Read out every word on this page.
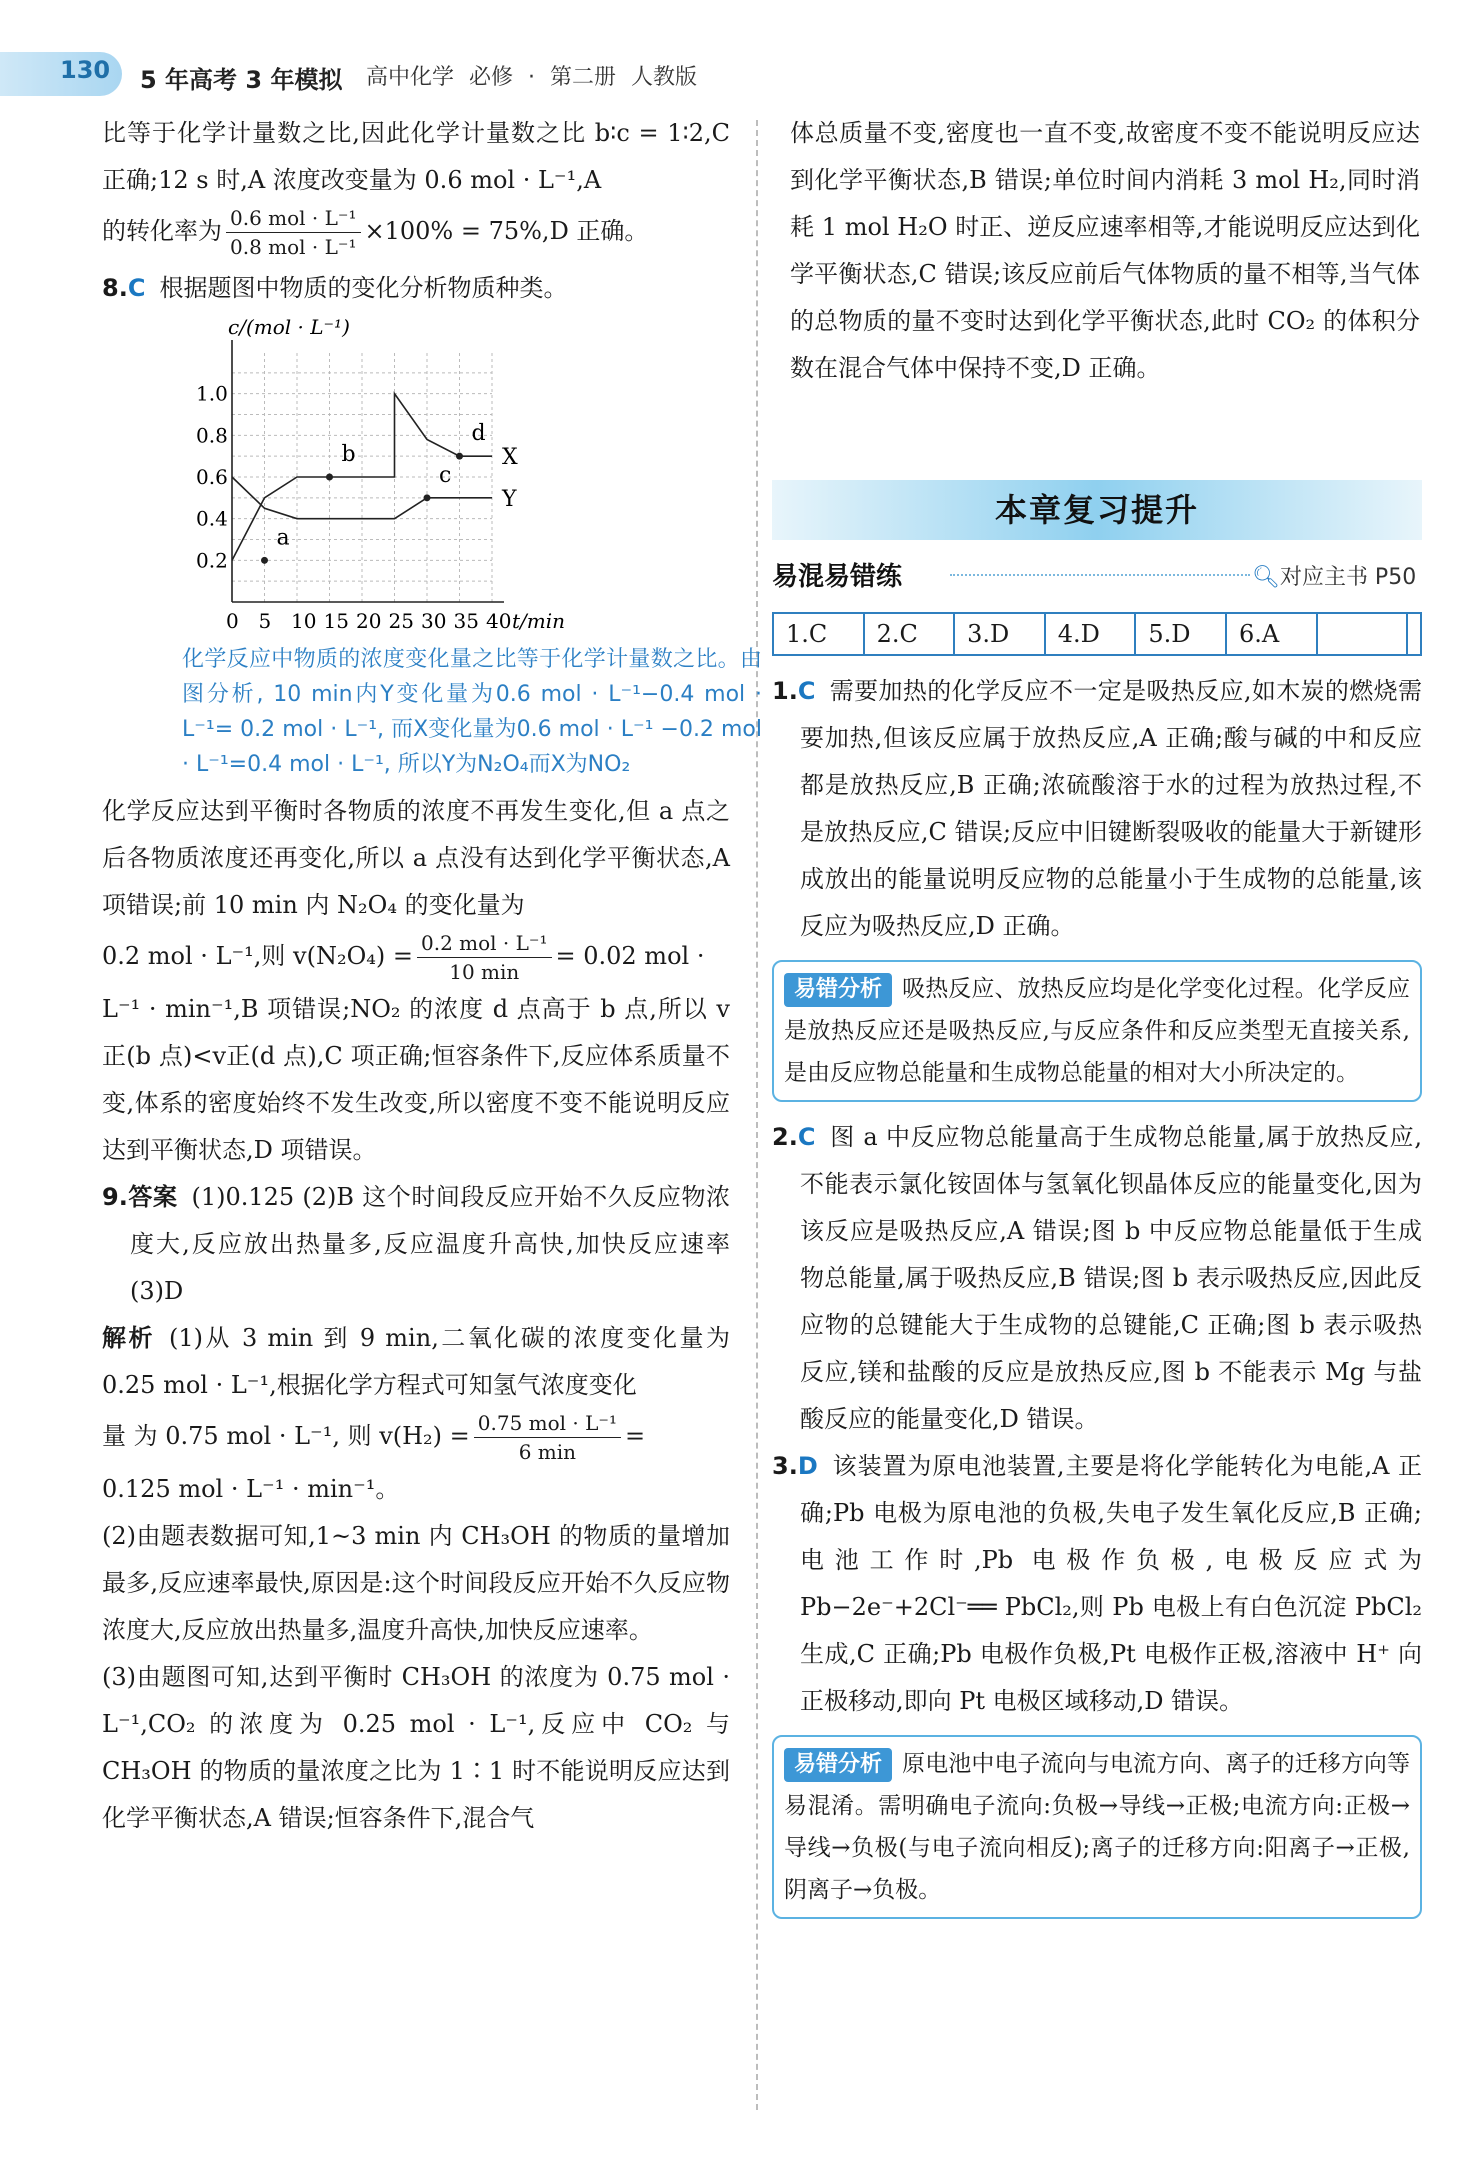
130 5 年高考 3 年模拟 高中化学 必修 · 第二册 人教版

比等于化学计量数之比,因此化学计量数之比 b∶c = 1∶2,C 正确;12 s 时,A 浓度改变量为 0.6 mol · L⁻¹,A

的转化率为 $\frac{\text{0.6 mol · L⁻¹}}{\text{0.8 mol · L⁻¹}} \times 100\% = 75\%,D$ 正确。

8.C 根据题图中物质的变化分析物质种类。

c/(mol · L⁻¹)
t/min
0 5 10 15 20 25 30 35 40
0.2
0.4
0.6
0.8
1.0
X
Y
a
b
c
d

化学反应中物质的浓度变化量之比等于化学计量数之比。由图分析, 10 min内Y变化量为0.6 mol · L⁻¹−0.4 mol · L⁻¹= 0.2 mol · L⁻¹, 而X变化量为0.6 mol · L⁻¹ −0.2 mol · L⁻¹=0.4 mol · L⁻¹, 所以Y为N₂O₄而X为NO₂

化学反应达到平衡时各物质的浓度不再发生变化,但 a 点之后各物质浓度还再变化,所以 a 点没有达到化学平衡状态,A 项错误;前 10 min 内 N₂O₄ 的变化量为

0.2 mol · L⁻¹,则 $v(N_2O_4) = \frac{\text{0.2 mol · L⁻¹}}{10 \min} = 0.02$ mol ·

L⁻¹ · min⁻¹,B 项错误;NO₂ 的浓度 d 点高于 b 点,所以 v正(b 点)<v正(d 点),C 项正确;恒容条件下,反应体系质量不变,体系的密度始终不发生改变,所以密度不变不能说明反应达到平衡状态,D 项错误。

9.答案 (1)0.125 (2)B 这个时间段反应开始不久反应物浓度大,反应放出热量多,反应温度升高快,加快反应速率 (3)D

解析 (1)从 3 min 到 9 min,二氧化碳的浓度变化量为 0.25 mol · L⁻¹,根据化学方程式可知氢气浓度变化

量 为 0.75 mol · L⁻¹, 则 $v(H_2) = \frac{\text{0.75 mol · L⁻¹}}{6 \min}$ =

0.125 mol · L⁻¹ · min⁻¹。

(2)由题表数据可知,1~3 min 内 CH₃OH 的物质的量增加最多,反应速率最快,原因是:这个时间段反应开始不久反应物浓度大,反应放出热量多,温度升高快,加快反应速率。

(3)由题图可知,达到平衡时 CH₃OH 的浓度为 0.75 mol · L⁻¹,CO₂ 的浓度为 0.25 mol · L⁻¹,反应中 CO₂ 与 CH₃OH 的物质的量浓度之比为 1∶1 时不能说明反应达到化学平衡状态,A 错误;恒容条件下,混合气

体总质量不变,密度也一直不变,故密度不变不能说明反应达到化学平衡状态,B 错误;单位时间内消耗 3 mol H₂,同时消耗 1 mol H₂O 时正、逆反应速率相等,才能说明反应达到化学平衡状态,C 错误;该反应前后气体物质的量不相等,当气体的总物质的量不变时达到化学平衡状态,此时 CO₂ 的体积分数在混合气体中保持不变,D 正确。

本章复习提升
易混易错练	🔍︎对应主书 P50
1.C	2.C	3.D	4.D	5.D	6.A		

1.C 需要加热的化学反应不一定是吸热反应,如木炭的燃烧需要加热,但该反应属于放热反应,A 正确;酸与碱的中和反应都是放热反应,B 正确;浓硫酸溶于水的过程为放热过程,不是放热反应,C 错误;反应中旧键断裂吸收的能量大于新键形成放出的能量说明反应物的总能量小于生成物的总能量,该反应为吸热反应,D 正确。

易错分析 吸热反应、放热反应均是化学变化过程。化学反应是放热反应还是吸热反应,与反应条件和反应类型无直接关系,是由反应物总能量和生成物总能量的相对大小所决定的。

2.C 图 a 中反应物总能量高于生成物总能量,属于放热反应,不能表示氯化铵固体与氢氧化钡晶体反应的能量变化,因为该反应是吸热反应,A 错误;图 b 中反应物总能量低于生成物总能量,属于吸热反应,B 错误;图 b 表示吸热反应,因此反应物的总键能大于生成物的总键能,C 正确;图 b 表示吸热反应,镁和盐酸的反应是放热反应,图 b 不能表示 Mg 与盐酸反应的能量变化,D 错误。

3.D 该装置为原电池装置,主要是将化学能转化为电能,A 正确;Pb 电极为原电池的负极,失电子发生氧化反应,B 正确;电池工作时,Pb 电极作负极,电极反应式为 Pb−2e⁻+2Cl⁻══ PbCl₂,则 Pb 电极上有白色沉淀 PbCl₂ 生成,C 正确;Pb 电极作负极,Pt 电极作正极,溶液中 H⁺ 向正极移动,即向 Pt 电极区域移动,D 错误。

易错分析 原电池中电子流向与电流方向、离子的迁移方向等易混淆。需明确电子流向:负极→导线→正极;电流方向:正极→导线→负极(与电子流向相反);离子的迁移方向:阳离子→正极,阴离子→负极。
